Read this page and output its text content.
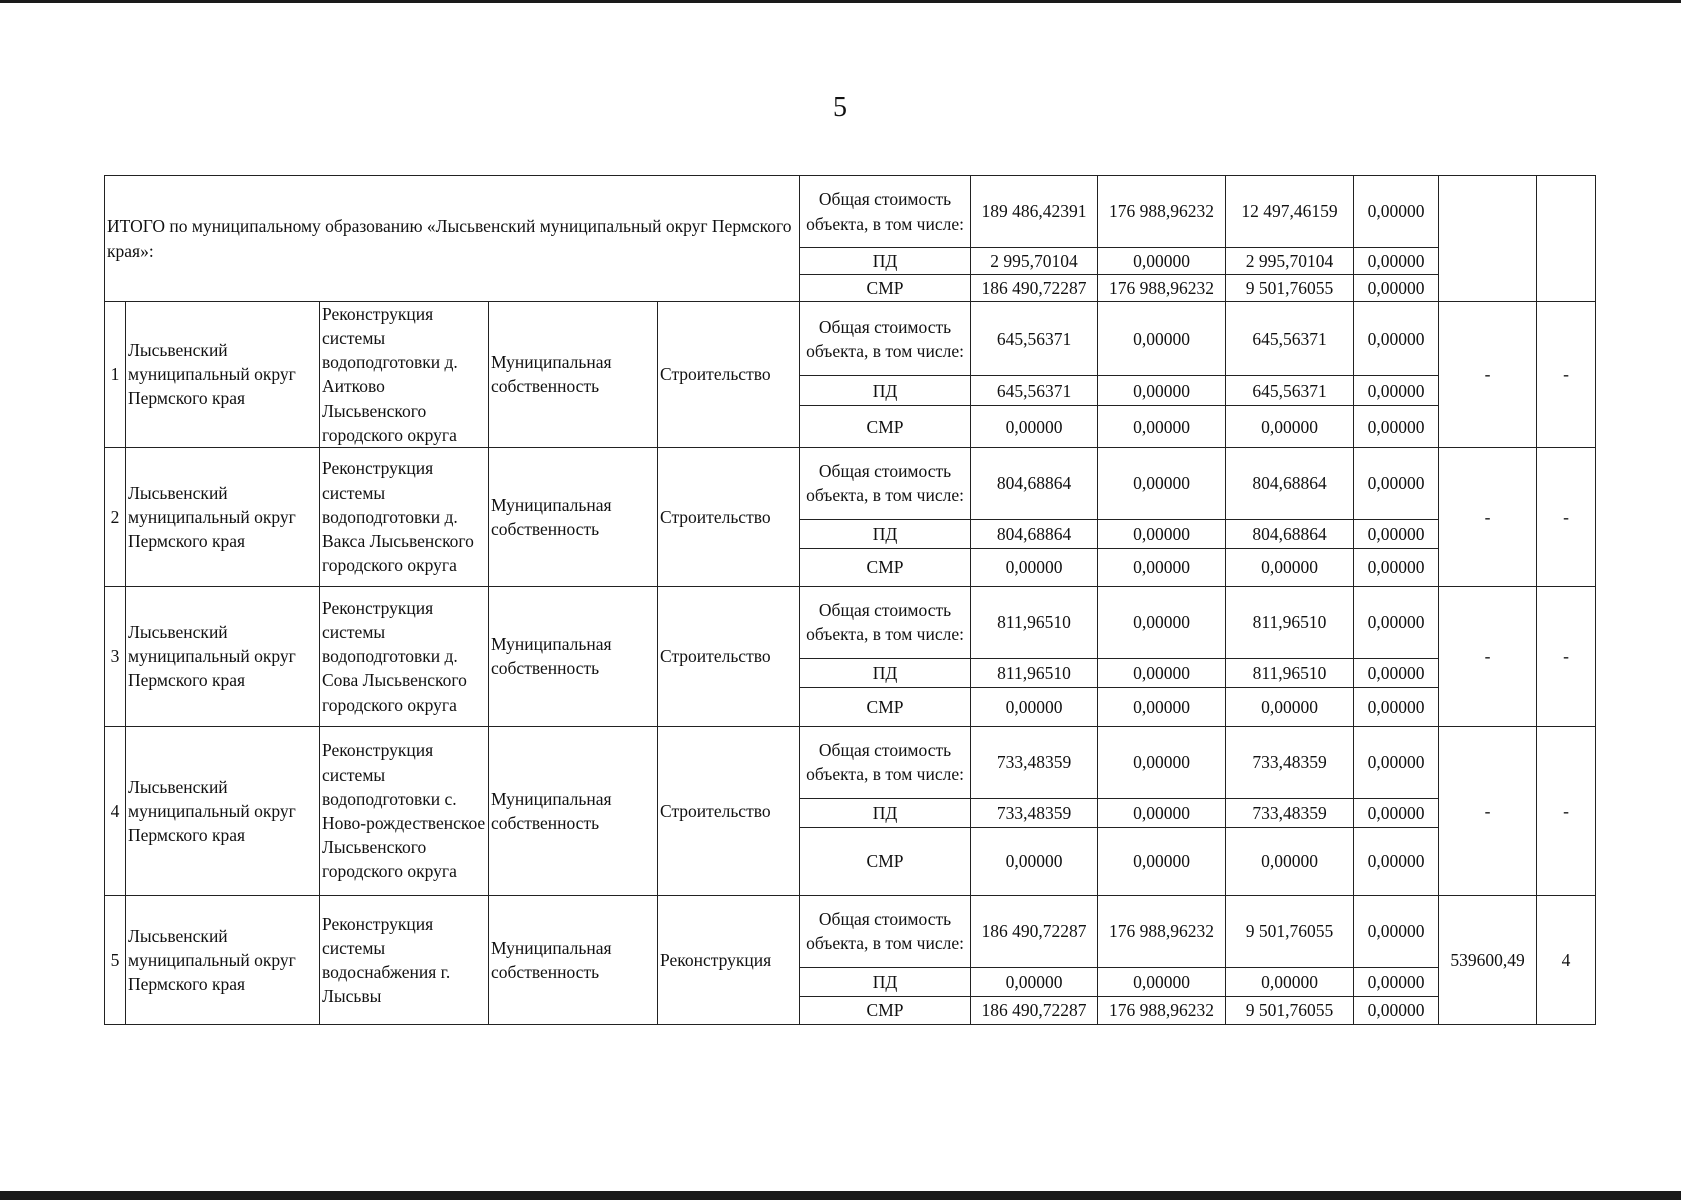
5
ИТОГО по муниципальному образованию «Лысьвенский муниципальный округ Пермского края»:					Общая стоимость объекта, в том числе:	189 486,42391	176 988,96232	12 497,46159	0,00000		
					ПД	2 995,70104	0,00000	2 995,70104	0,00000		
					СМР	186 490,72287	176 988,96232	9 501,76055	0,00000		
1	Лысьвенский муниципальный округ Пермского края	Реконструкция системы водоподготовки д. Аитково Лысьвенского городского округа	Муниципальная собственность	Строительство	Общая стоимость объекта, в том числе:	645,56371	0,00000	645,56371	0,00000	-	-
					ПД	645,56371	0,00000	645,56371	0,00000		
					СМР	0,00000	0,00000	0,00000	0,00000		
2	Лысьвенский муниципальный округ Пермского края	Реконструкция системы водоподготовки д. Вакса Лысьвенского городского округа	Муниципальная собственность	Строительство	Общая стоимость объекта, в том числе:	804,68864	0,00000	804,68864	0,00000	-	-
					ПД	804,68864	0,00000	804,68864	0,00000		
					СМР	0,00000	0,00000	0,00000	0,00000		
3	Лысьвенский муниципальный округ Пермского края	Реконструкция системы водоподготовки д. Сова Лысьвенского городского округа	Муниципальная собственность	Строительство	Общая стоимость объекта, в том числе:	811,96510	0,00000	811,96510	0,00000	-	-
					ПД	811,96510	0,00000	811,96510	0,00000		
					СМР	0,00000	0,00000	0,00000	0,00000		
4	Лысьвенский муниципальный округ Пермского края	Реконструкция системы водоподготовки с. Ново-рождественское Лысьвенского городского округа	Муниципальная собственность	Строительство	Общая стоимость объекта, в том числе:	733,48359	0,00000	733,48359	0,00000	-	-
					ПД	733,48359	0,00000	733,48359	0,00000		
					СМР	0,00000	0,00000	0,00000	0,00000		
5	Лысьвенский муниципальный округ Пермского края	Реконструкция системы водоснабжения г. Лысьвы	Муниципальная собственность	Реконструкция	Общая стоимость объекта, в том числе:	186 490,72287	176 988,96232	9 501,76055	0,00000	539600,49	4
					ПД	0,00000	0,00000	0,00000	0,00000		
					СМР	186 490,72287	176 988,96232	9 501,76055	0,00000		
